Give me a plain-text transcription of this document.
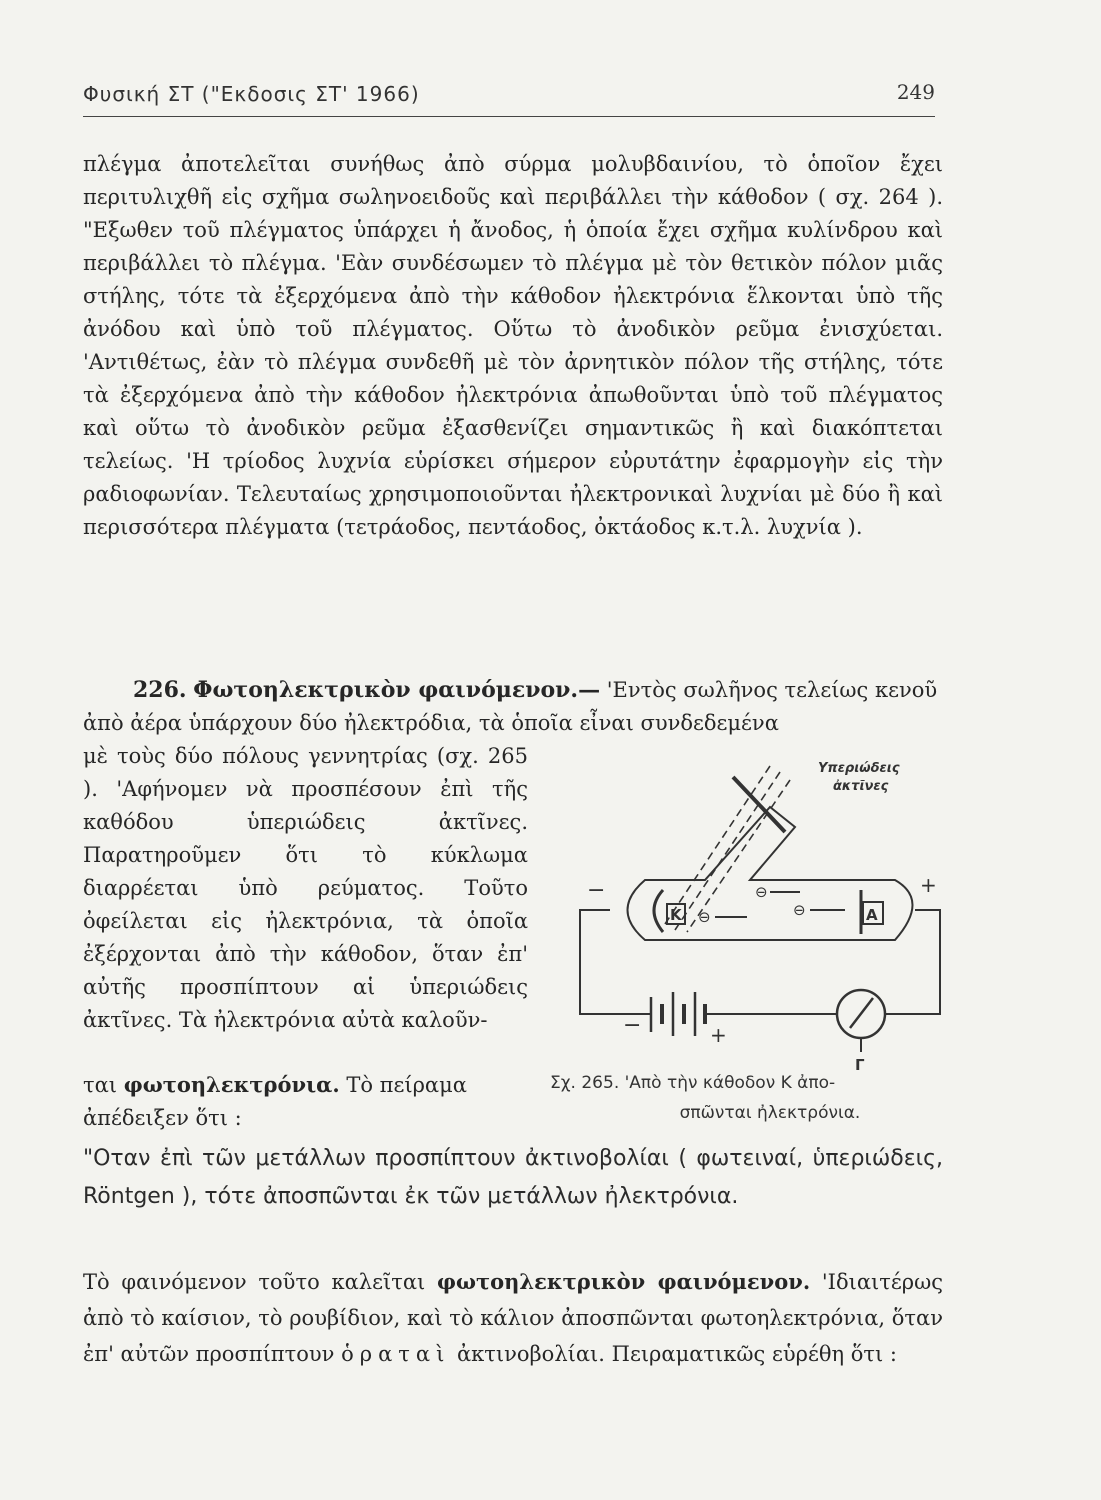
Φυσική ΣΤ ("Εκδοσις ΣΤ' 1966)	249

πλέγμα ἀποτελεῖται συνήθως ἀπὸ σύρμα μολυβδαινίου, τὸ ὁποῖον ἔχει περιτυλιχθῆ εἰς σχῆμα σωληνοειδοῦς καὶ περιβάλλει τὴν κάθοδον ( σχ. 264 ). "Εξωθεν τοῦ πλέγματος ὑπάρχει ἡ ἄνοδος, ἡ ὁποία ἔχει σχῆμα κυλίνδρου καὶ περιβάλλει τὸ πλέγμα. 'Εὰν συνδέσωμεν τὸ πλέγμα μὲ τὸν θετικὸν πόλον μιᾶς στήλης, τότε τὰ ἐξερχόμενα ἀπὸ τὴν κάθοδον ἠλεκτρόνια ἕλκονται ὑπὸ τῆς ἀνόδου καὶ ὑπὸ τοῦ πλέγματος. Οὕτω τὸ ἀνοδικὸν ρεῦμα ἐνισχύεται. 'Αντιθέτως, ἐὰν τὸ πλέγμα συνδεθῆ μὲ τὸν ἀρνητικὸν πόλον τῆς στήλης, τότε τὰ ἐξερχόμενα ἀπὸ τὴν κάθοδον ἠλεκτρόνια ἀπωθοῦνται ὑπὸ τοῦ πλέγματος καὶ οὕτω τὸ ἀνοδικὸν ρεῦμα ἐξασθενίζει σημαντικῶς ἢ καὶ διακόπτεται τελείως. 'Η τρίοδος λυχνία εὑρίσκει σήμερον εὐρυτάτην ἐφαρμογὴν εἰς τὴν ραδιοφωνίαν. Τελευταίως χρησιμοποιοῦνται ἠλεκτρονικαὶ λυχνίαι μὲ δύο ἢ καὶ περισσότερα πλέγματα (τετράοδος, πεντάοδος, ὀκτάοδος κ.τ.λ. λυχνία ).

226. Φωτοηλεκτρικὸν φαινόμενον.— 'Εντὸς σωλῆνος τελείως κενοῦ ἀπὸ ἀέρα ὑπάρχουν δύο ἠλεκτρόδια, τὰ ὁποῖα εἶναι συνδεδεμένα

μὲ τοὺς δύο πόλους γεννητρίας (σχ. 265 ). 'Αφήνομεν νὰ προσπέσουν ἐπὶ τῆς καθόδου ὑπεριώδεις ἀκτῖνες. Παρατηροῦμεν ὅτι τὸ κύκλωμα διαρρέεται ὑπὸ ρεύματος. Τοῦτο ὀφείλεται εἰς ἠλεκτρόνια, τὰ ὁποῖα ἐξέρχονται ἀπὸ τὴν κάθοδον, ὅταν ἐπ' αὐτῆς προσπίπτουν αἱ ὑπεριώδεις ἀκτῖνες. Τὰ ἠλεκτρόνια αὐτὰ καλοῦν-

ται φωτοηλεκτρόνια. Τὸ πείραμα ἀπέδειξεν ὅτι :

Υπεριώδεις
ἀκτῖνες
K	A
−	+
−	+
Γ
⊖
⊖	⊖
Σχ. 265. 'Απὸ τὴν κάθοδον Κ ἀπο-
σπῶνται ἠλεκτρόνια.

"Οταν ἐπὶ τῶν μετάλλων προσπίπτουν ἀκτινοβολίαι ( φωτειναί, ὑπεριώδεις, Röntgen ), τότε ἀποσπῶνται ἐκ τῶν μετάλλων ἠλεκτρόνια.

Τὸ φαινόμενον τοῦτο καλεῖται φωτοηλεκτρικὸν φαινόμενον. 'Ιδιαιτέρως ἀπὸ τὸ καίσιον, τὸ ρουβίδιον, καὶ τὸ κάλιον ἀποσπῶνται φωτοηλεκτρόνια, ὅταν ἐπ' αὐτῶν προσπίπτουν ὁραταὶ ἀκτινοβολίαι. Πειραματικῶς εὑρέθη ὅτι :
